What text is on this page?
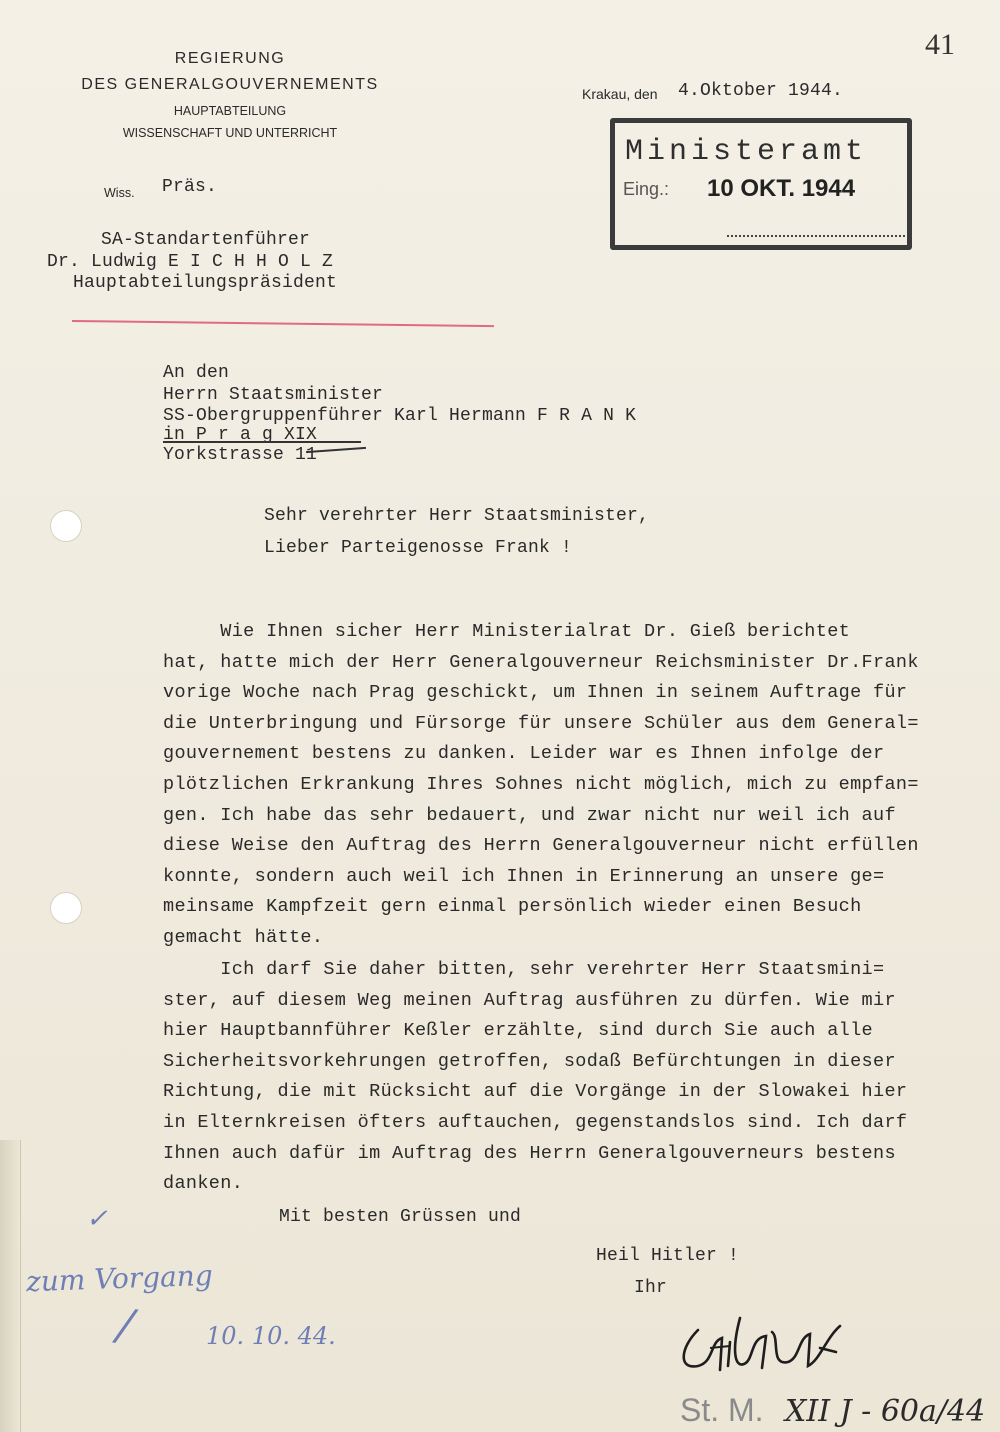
41
REGIERUNG
DES GENERALGOUVERNEMENTS
HAUPTABTEILUNG
WISSENSCHAFT UND UNTERRICHT
Krakau, den 4.Oktober 1944.
Wiss. Präs.
Ministeramt
Eing.: 10 OKT. 1944
SA-Standartenführer
Dr. Ludwig E I C H H O L Z
Hauptabteilungspräsident
An den
Herrn Staatsminister
SS-Obergruppenführer Karl Hermann F R A N K
in P r a g XIX
Yorkstrasse 11
Sehr verehrter Herr Staatsminister,
Lieber Parteigenosse Frank !
Wie Ihnen sicher Herr Ministerialrat Dr. Gieß berichtet
hat, hatte mich der Herr Generalgouverneur Reichsminister Dr.Frank
vorige Woche nach Prag geschickt, um Ihnen in seinem Auftrage für
die Unterbringung und Fürsorge für unsere Schüler aus dem General=
gouvernement bestens zu danken. Leider war es Ihnen infolge der
plötzlichen Erkrankung Ihres Sohnes nicht möglich, mich zu empfan=
gen. Ich habe das sehr bedauert, und zwar nicht nur weil ich auf
diese Weise den Auftrag des Herrn Generalgouverneur nicht erfüllen
konnte, sondern auch weil ich Ihnen in Erinnerung an unsere ge=
meinsame Kampfzeit gern einmal persönlich wieder einen Besuch
gemacht hätte.
Ich darf Sie daher bitten, sehr verehrter Herr Staatsmini=
ster, auf diesem Weg meinen Auftrag ausführen zu dürfen. Wie mir
hier Hauptbannführer Keßler erzählte, sind durch Sie auch alle
Sicherheitsvorkehrungen getroffen, sodaß Befürchtungen in dieser
Richtung, die mit Rücksicht auf die Vorgänge in der Slowakei hier
in Elternkreisen öfters auftauchen, gegenstandslos sind. Ich darf
Ihnen auch dafür im Auftrag des Herrn Generalgouverneurs bestens
danken.
Mit besten Grüssen und
Heil Hitler !
Ihr
✓
zum Vorgang
/	10. 10. 44.
St. M. XII J - 60a/44
